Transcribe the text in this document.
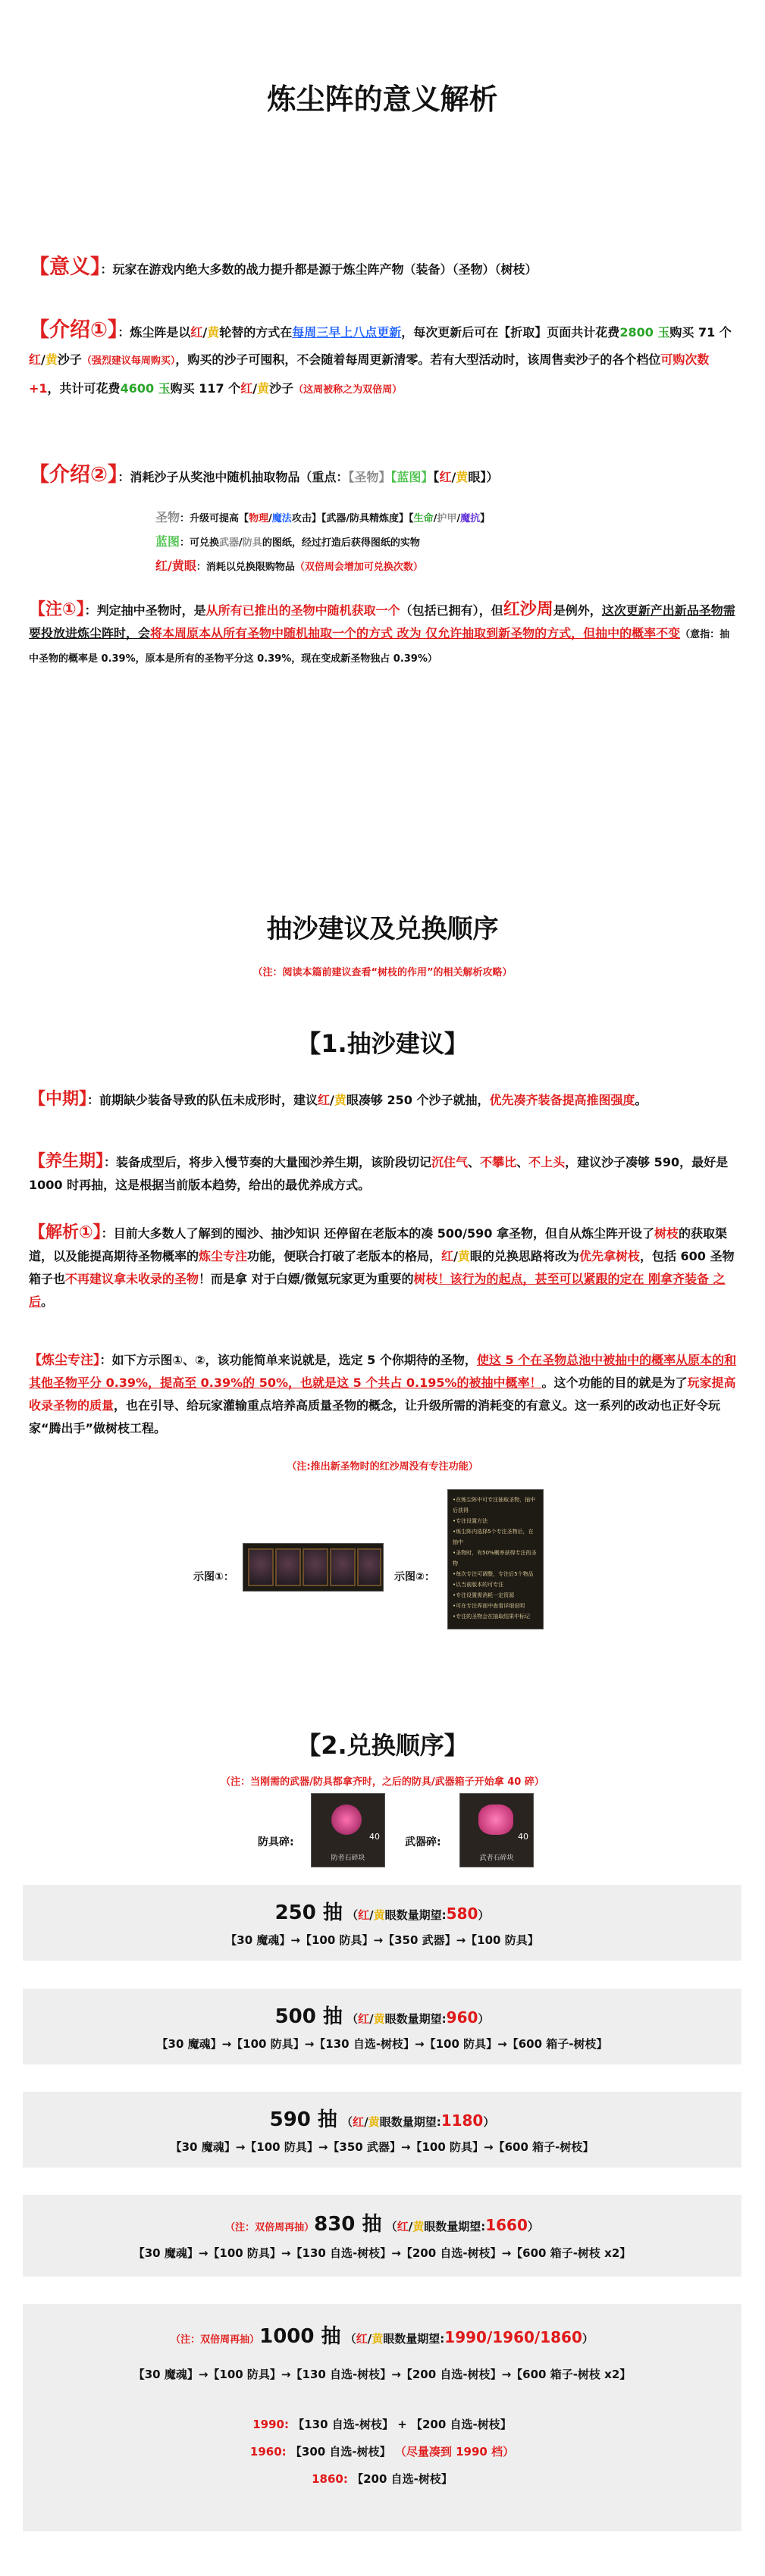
炼尘阵的意义解析
【意义】：玩家在游戏内绝大多数的战力提升都是源于炼尘阵产物（装备）（圣物）（树枝）
【介绍①】：炼尘阵是以红/黄轮替的方式在每周三早上八点更新，每次更新后可在【折取】页面共计花费2800 玉购买 71 个红/黄沙子（强烈建议每周购买），购买的沙子可囤积，不会随着每周更新清零。若有大型活动时，该周售卖沙子的各个档位可购次数+1，共计可花费4600 玉购买 117 个红/黄沙子（这周被称之为双倍周）
【介绍②】：消耗沙子从奖池中随机抽取物品（重点：【圣物】【蓝图】【红/黄眼】）
圣物：升级可提高【物理/魔法攻击】【武器/防具精炼度】【生命/护甲/魔抗】
蓝图：可兑换武器/防具的图纸，经过打造后获得图纸的实物
红/黄眼：消耗以兑换限购物品（双倍周会增加可兑换次数）
【注①】：判定抽中圣物时，是从所有已推出的圣物中随机获取一个（包括已拥有），但红沙周是例外，这次更新产出新品圣物需要投放进炼尘阵时，会将本周原本从所有圣物中随机抽取一个的方式 改为 仅允许抽取到新圣物的方式，但抽中的概率不变（意指：抽中圣物的概率是 0.39%，原本是所有的圣物平分这 0.39%，现在变成新圣物独占 0.39%）
抽沙建议及兑换顺序
（注：阅读本篇前建议查看“树枝的作用”的相关解析攻略）
【1.抽沙建议】
【中期】：前期缺少装备导致的队伍未成形时，建议红/黄眼凑够 250 个沙子就抽，优先凑齐装备提高推图强度。
【养生期】：装备成型后，将步入慢节奏的大量囤沙养生期，该阶段切记沉住气、不攀比、不上头，建议沙子凑够 590，最好是 1000 时再抽，这是根据当前版本趋势，给出的最优养成方式。
【解析①】：目前大多数人了解到的囤沙、抽沙知识 还停留在老版本的凑 500/590 拿圣物，但自从炼尘阵开设了树枝的获取渠道，以及能提高期待圣物概率的炼尘专注功能，便联合打破了老版本的格局，红/黄眼的兑换思路将改为优先拿树枝，包括 600 圣物箱子也不再建议拿未收录的圣物！而是拿 对于白嫖/微氪玩家更为重要的树枝！该行为的起点，甚至可以紧跟的定在 刚拿齐装备 之后。
【炼尘专注】：如下方示图①、②，该功能简单来说就是，选定 5 个你期待的圣物，使这 5 个在圣物总池中被抽中的概率从原本的和其他圣物平分 0.39%，提高至 0.39%的 50%，也就是这 5 个共占 0.195%的被抽中概率！。这个功能的目的就是为了玩家提高收录圣物的质量，也在引导、给玩家灌输重点培养高质量圣物的概念，让升级所需的消耗变的有意义。这一系列的改动也正好令玩家“腾出手”做树枝工程。
（注:推出新圣物时的红沙周没有专注功能）
示图①：	示图②：
•在炼尘阵中可专注抽取圣物，抽中后获得
•专注设置方法
•炼尘阵内选择5个专注圣物后，在抽中
•圣物时，有50%概率获得专注的圣物
•每次专注可调整，专注后5个物品
•以当前版本的可专注
•专注设置需消耗一定资源
•可在专注界面中查看详细说明
•专注的圣物会在抽取结果中标记
【2.兑换顺序】
（注：当刚需的武器/防具都拿齐时，之后的防具/武器箱子开始拿 40 碎）
防具碎:	40
防者石碎块
武器碎:	40
武者石碎块
250 抽 （红/黄眼数量期望:580）
【30 魔魂】→【100 防具】→【350 武器】→【100 防具】
500 抽 （红/黄眼数量期望:960）
【30 魔魂】→【100 防具】→【130 自选-树枝】→【100 防具】→【600 箱子-树枝】
590 抽 （红/黄眼数量期望:1180）
【30 魔魂】→【100 防具】→【350 武器】→【100 防具】→【600 箱子-树枝】
（注：双倍周再抽）830 抽 （红/黄眼数量期望:1660）
【30 魔魂】→【100 防具】→【130 自选-树枝】→【200 自选-树枝】→【600 箱子-树枝 x2】
（注：双倍周再抽）1000 抽 （红/黄眼数量期望:1990/1960/1860）
【30 魔魂】→【100 防具】→【130 自选-树枝】→【200 自选-树枝】→【600 箱子-树枝 x2】
1990: 【130 自选-树枝】 + 【200 自选-树枝】
1960: 【300 自选-树枝】 （尽量凑到 1990 档）
1860: 【200 自选-树枝】
